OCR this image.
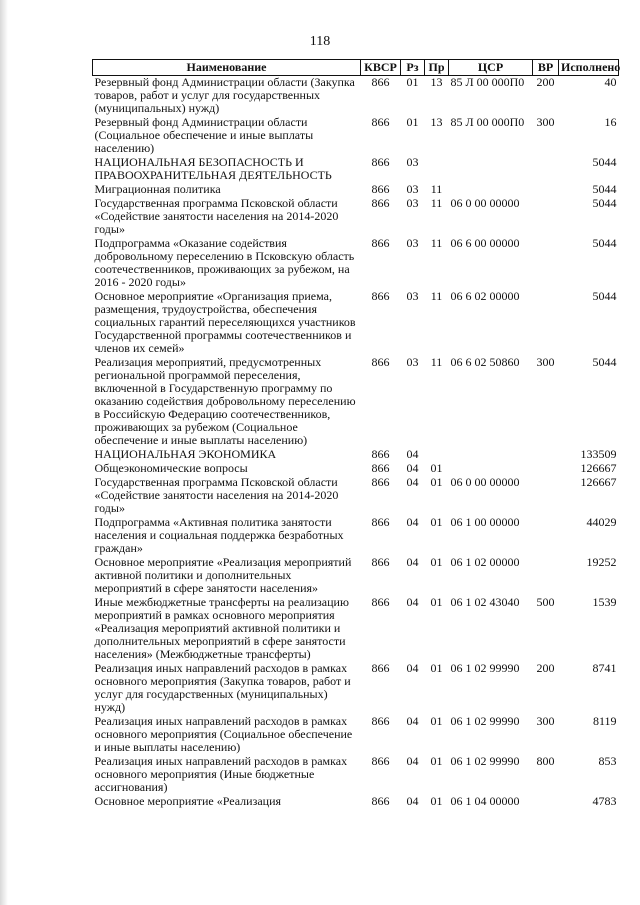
118
Наименование	КВСР	Рз	Пр	ЦСР	ВР	Исполнено
Резервный фонд Администрации области (Закупка товаров, работ и услуг для государственных (муниципальных) нужд)	866	01	13	85 Л 00 000П0	200	40
Резервный фонд Администрации области (Социальное обеспечение и иные выплаты населению)	866	01	13	85 Л 00 000П0	300	16
НАЦИОНАЛЬНАЯ БЕЗОПАСНОСТЬ И ПРАВООХРАНИТЕЛЬНАЯ ДЕЯТЕЛЬНОСТЬ	866	03				5044
Миграционная политика	866	03	11			5044
Государственная программа Псковской области «Содействие занятости населения на 2014-2020 годы»	866	03	11	06 0 00 00000		5044
Подпрограмма «Оказание содействия добровольному переселению в Псковскую область соотечественников, проживающих за рубежом, на 2016 - 2020 годы»	866	03	11	06 6 00 00000		5044
Основное мероприятие «Организация приема, размещения, трудоустройства, обеспечения социальных гарантий переселяющихся участников Государственной программы соотечественников и членов их семей»	866	03	11	06 6 02 00000		5044
Реализация мероприятий, предусмотренных региональной программой переселения, включенной в Государственную программу по оказанию содействия добровольному переселению в Российскую Федерацию соотечественников, проживающих за рубежом (Социальное обеспечение и иные выплаты населению)	866	03	11	06 6 02 50860	300	5044
НАЦИОНАЛЬНАЯ ЭКОНОМИКА	866	04				133509
Общеэкономические вопросы	866	04	01			126667
Государственная программа Псковской области «Содействие занятости населения на 2014-2020 годы»	866	04	01	06 0 00 00000		126667
Подпрограмма «Активная политика занятости населения и социальная поддержка безработных граждан»	866	04	01	06 1 00 00000		44029
Основное мероприятие «Реализация мероприятий активной политики и дополнительных мероприятий в сфере занятости населения»	866	04	01	06 1 02 00000		19252
Иные межбюджетные трансферты на реализацию мероприятий в рамках основного мероприятия «Реализация мероприятий активной политики и дополнительных мероприятий в сфере занятости населения» (Межбюджетные трансферты)	866	04	01	06 1 02 43040	500	1539
Реализация иных направлений расходов в рамках основного мероприятия (Закупка товаров, работ и услуг для государственных (муниципальных) нужд)	866	04	01	06 1 02 99990	200	8741
Реализация иных направлений расходов в рамках основного мероприятия (Социальное обеспечение и иные выплаты населению)	866	04	01	06 1 02 99990	300	8119
Реализация иных направлений расходов в рамках основного мероприятия (Иные бюджетные ассигнования)	866	04	01	06 1 02 99990	800	853
Основное мероприятие «Реализация	866	04	01	06 1 04 00000		4783
